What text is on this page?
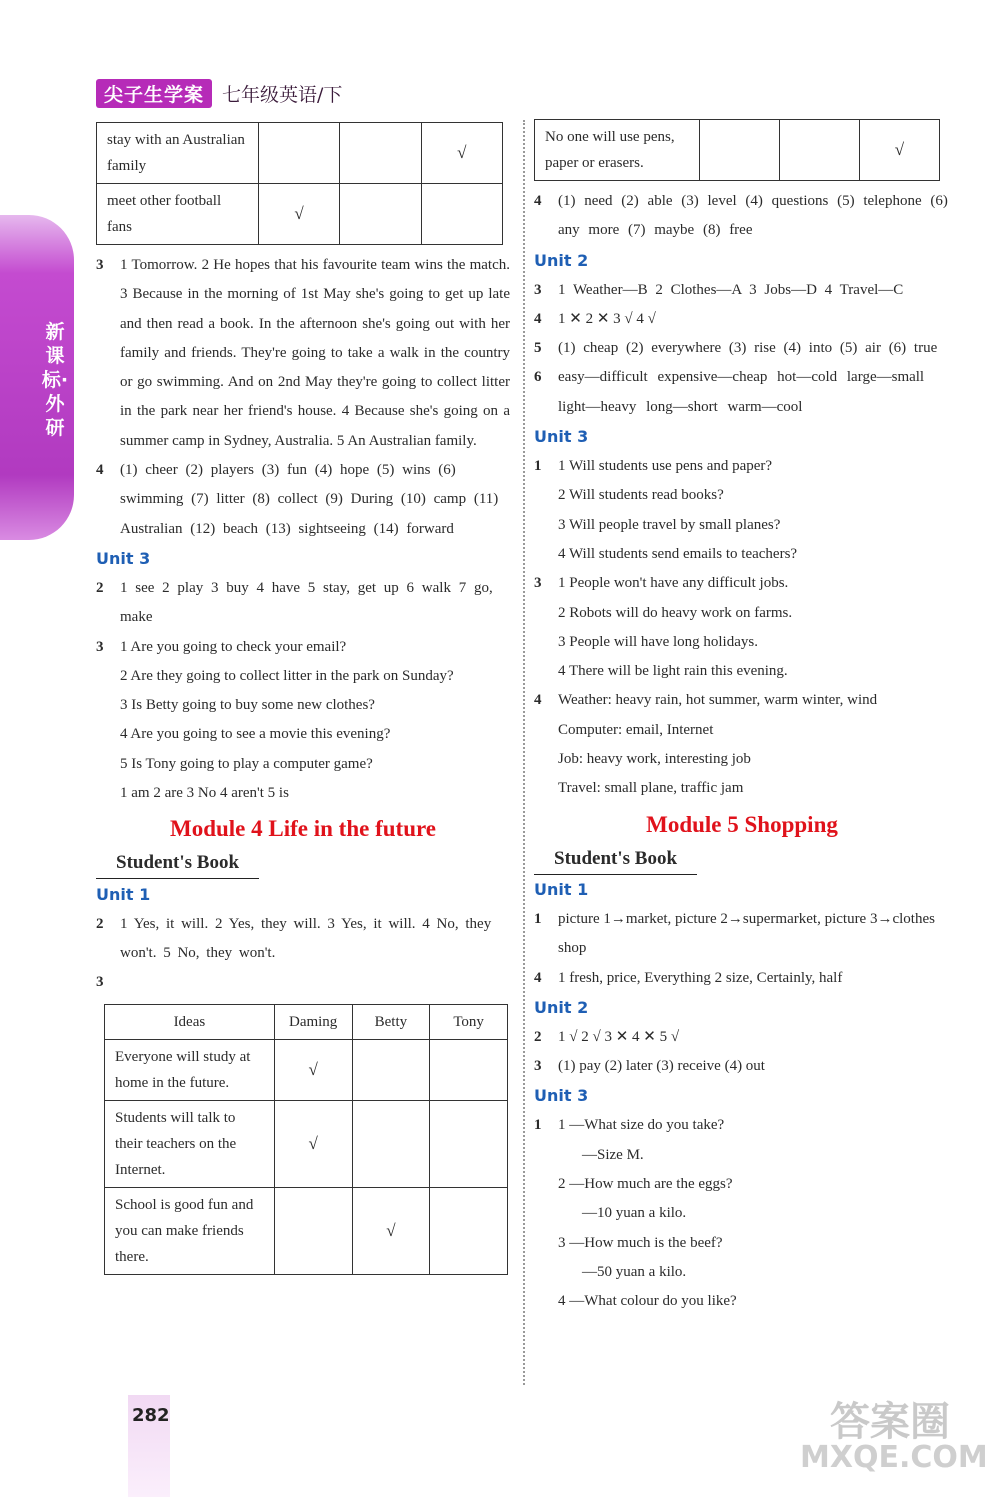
尖子生学案 七年级英语/下
新课标·外研
stay with an Australian family			√
meet other football fans	√		
3	1 Tomorrow. 2 He hopes that his favourite team wins the match. 3 Because in the morning of 1st May she's going to get up late and then read a book. In the afternoon she's going out with her family and friends. They're going to take a walk in the country or go swimming. And on 2nd May they're going to collect litter in the park near her friend's house. 4 Because she's going on a summer camp in Sydney, Australia. 5 An Australian family.
4	(1) cheer (2) players (3) fun (4) hope (5) wins (6) swimming (7) litter (8) collect (9) During (10) camp (11) Australian (12) beach (13) sightseeing (14) forward
Unit 3
2	1 see 2 play 3 buy 4 have 5 stay, get up 6 walk 7 go, make
3	1 Are you going to check your email?
2 Are they going to collect litter in the park on Sunday?
3 Is Betty going to buy some new clothes?
4 Are you going to see a movie this evening?
5 Is Tony going to play a computer game?
1 am 2 are 3 No 4 aren't 5 is
Module 4 Life in the future
Student's Book
Unit 1
2	1 Yes, it will. 2 Yes, they will. 3 Yes, it will. 4 No, they won't. 5 No, they won't.
3
Ideas	Daming	Betty	Tony
Everyone will study at home in the future.	√		
Students will talk to their teachers on the Internet.	√		
School is good fun and you can make friends there.		√	
No one will use pens, paper or erasers.			√
4	(1) need (2) able (3) level (4) questions (5) telephone (6) any more (7) maybe (8) free
Unit 2
3	1 Weather—B 2 Clothes—A 3 Jobs—D 4 Travel—C
4	1 ✕ 2 ✕ 3 √ 4 √
5	(1) cheap (2) everywhere (3) rise (4) into (5) air (6) true
6	easy—difficult expensive—cheap hot—cold large—small light—heavy long—short warm—cool
Unit 3
1	1 Will students use pens and paper?
2 Will students read books?
3 Will people travel by small planes?
4 Will students send emails to teachers?
3	1 People won't have any difficult jobs.
2 Robots will do heavy work on farms.
3 People will have long holidays.
4 There will be light rain this evening.
4	Weather: heavy rain, hot summer, warm winter, wind
Computer: email, Internet
Job: heavy work, interesting job
Travel: small plane, traffic jam
Module 5 Shopping
Student's Book
Unit 1
1	picture 1→market, picture 2→supermarket, picture 3→clothes shop
4	1 fresh, price, Everything 2 size, Certainly, half
Unit 2
2	1 √ 2 √ 3 ✕ 4 ✕ 5 √
3	(1) pay (2) later (3) receive (4) out
Unit 3
1	1 —What size do you take?
—Size M.
2 —How much are the eggs?
—10 yuan a kilo.
3 —How much is the beef?
—50 yuan a kilo.
4 —What colour do you like?
282	答案圈
MXQE.COM
